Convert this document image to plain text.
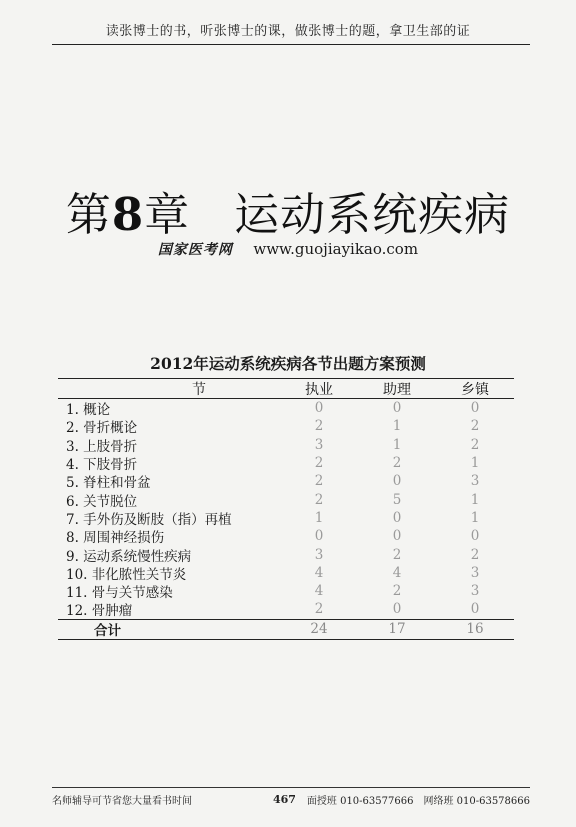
读张博士的书，听张博士的课，做张博士的题，拿卫生部的证
第8章 运动系统疾病
国家医考网 www.guojiayikao.com
2012年运动系统疾病各节出题方案预测
节	执业	助理	乡镇
1. 概论	0	0	0
2. 骨折概论	2	1	2
3. 上肢骨折	3	1	2
4. 下肢骨折	2	2	1
5. 脊柱和骨盆	2	0	3
6. 关节脱位	2	5	1
7. 手外伤及断肢（指）再植	1	0	1
8. 周围神经损伤	0	0	0
9. 运动系统慢性疾病	3	2	2
10. 非化脓性关节炎	4	4	3
11. 骨与关节感染	4	2	3
12. 骨肿瘤	2	0	0
合计	24	17	16
名师辅导可节省您大量看书时间	467 面授班 010-63577666　网络班 010-63578666
